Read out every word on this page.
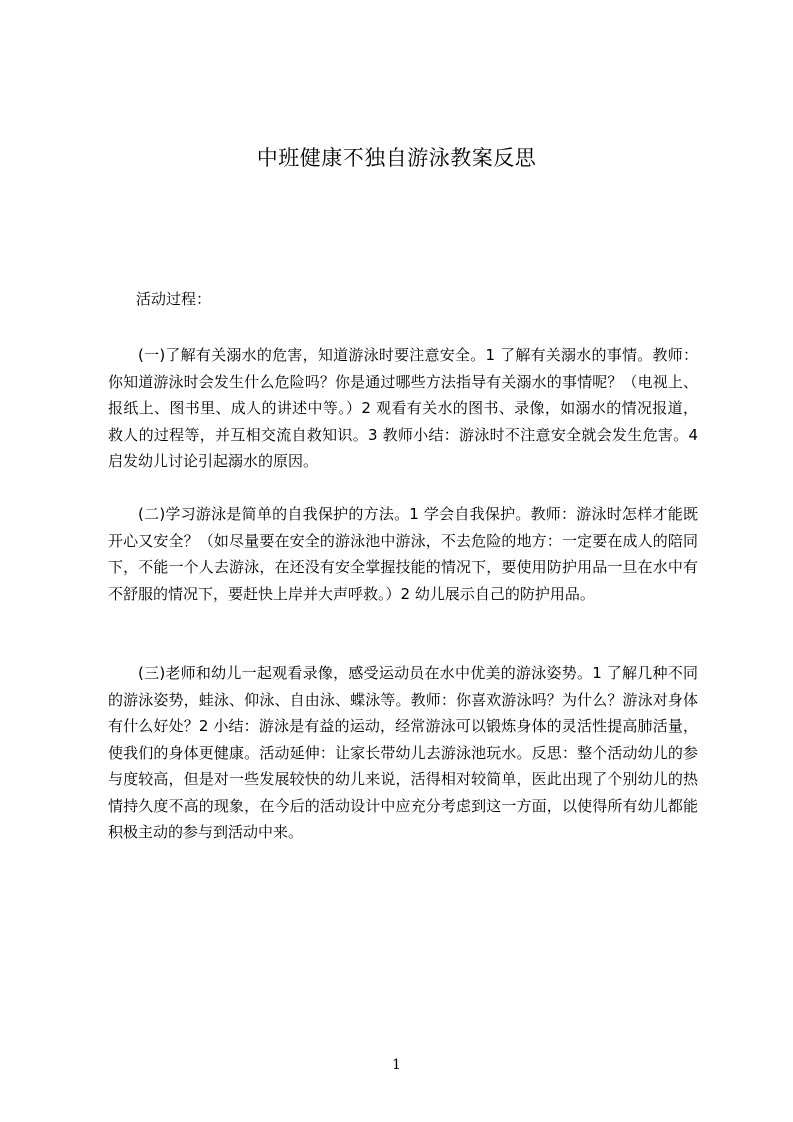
中班健康不独自游泳教案反思

活动过程：

(一)了解有关溺水的危害，知道游泳时要注意安全。1 了解有关溺水的事情。教师：你知道游泳时会发生什么危险吗？你是通过哪些方法指导有关溺水的事情呢？（电视上、报纸上、图书里、成人的讲述中等。）2 观看有关水的图书、录像，如溺水的情况报道，救人的过程等，并互相交流自救知识。3 教师小结：游泳时不注意安全就会发生危害。4 启发幼儿讨论引起溺水的原因。

(二)学习游泳是简单的自我保护的方法。1 学会自我保护。教师：游泳时怎样才能既开心又安全？（如尽量要在安全的游泳池中游泳，不去危险的地方：一定要在成人的陪同下，不能一个人去游泳，在还没有安全掌握技能的情况下，要使用防护用品一旦在水中有不舒服的情况下，要赶快上岸并大声呼救。）2 幼儿展示自己的防护用品。

(三)老师和幼儿一起观看录像，感受运动员在水中优美的游泳姿势。1 了解几种不同的游泳姿势，蛙泳、仰泳、自由泳、蝶泳等。教师：你喜欢游泳吗？为什么？游泳对身体有什么好处？2 小结：游泳是有益的运动，经常游泳可以锻炼身体的灵活性提高肺活量，使我们的身体更健康。活动延伸：让家长带幼儿去游泳池玩水。反思：整个活动幼儿的参与度较高，但是对一些发展较快的幼儿来说，活得相对较简单，医此出现了个别幼儿的热情持久度不高的现象，在今后的活动设计中应充分考虑到这一方面，以使得所有幼儿都能积极主动的参与到活动中来。

1
